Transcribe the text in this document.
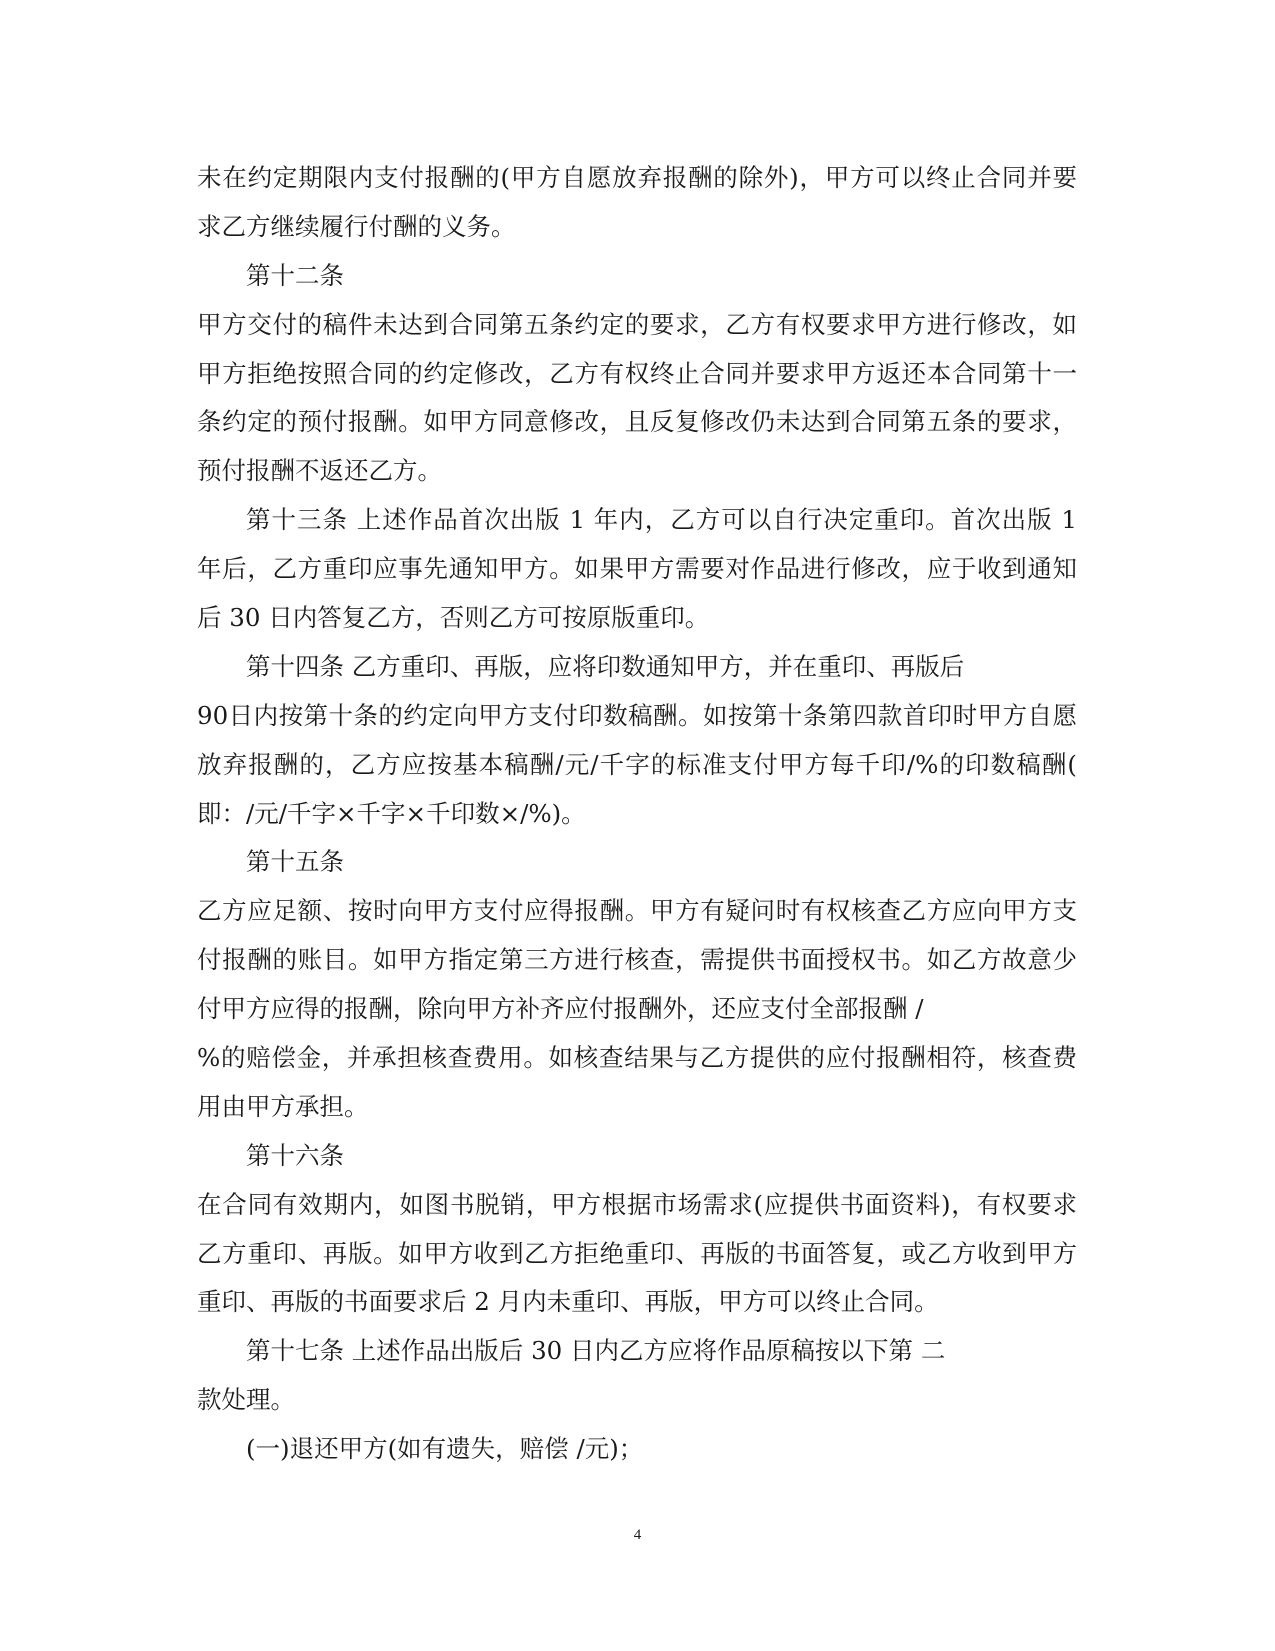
未在约定期限内支付报酬的(甲方自愿放弃报酬的除外)，甲方可以终止合同并要
求乙方继续履行付酬的义务。
第十二条
甲方交付的稿件未达到合同第五条约定的要求，乙方有权要求甲方进行修改，如
甲方拒绝按照合同的约定修改，乙方有权终止合同并要求甲方返还本合同第十一
条约定的预付报酬。如甲方同意修改，且反复修改仍未达到合同第五条的要求，
预付报酬不返还乙方。
第十三条 上述作品首次出版 1 年内，乙方可以自行决定重印。首次出版 1
年后，乙方重印应事先通知甲方。如果甲方需要对作品进行修改，应于收到通知
后 30 日内答复乙方，否则乙方可按原版重印。
第十四条 乙方重印、再版，应将印数通知甲方，并在重印、再版后
90日内按第十条的约定向甲方支付印数稿酬。如按第十条第四款首印时甲方自愿
放弃报酬的，乙方应按基本稿酬/元/千字的标准支付甲方每千印/%的印数稿酬(
即：/元/千字×千字×千印数×/%)。
第十五条
乙方应足额、按时向甲方支付应得报酬。甲方有疑问时有权核查乙方应向甲方支
付报酬的账目。如甲方指定第三方进行核查，需提供书面授权书。如乙方故意少
付甲方应得的报酬，除向甲方补齐应付报酬外，还应支付全部报酬 /
%的赔偿金，并承担核查费用。如核查结果与乙方提供的应付报酬相符，核查费
用由甲方承担。
第十六条
在合同有效期内，如图书脱销，甲方根据市场需求(应提供书面资料)，有权要求
乙方重印、再版。如甲方收到乙方拒绝重印、再版的书面答复，或乙方收到甲方
重印、再版的书面要求后 2 月内未重印、再版，甲方可以终止合同。
第十七条 上述作品出版后 30 日内乙方应将作品原稿按以下第 二
款处理。
(一)退还甲方(如有遗失，赔偿 /元)；
4
